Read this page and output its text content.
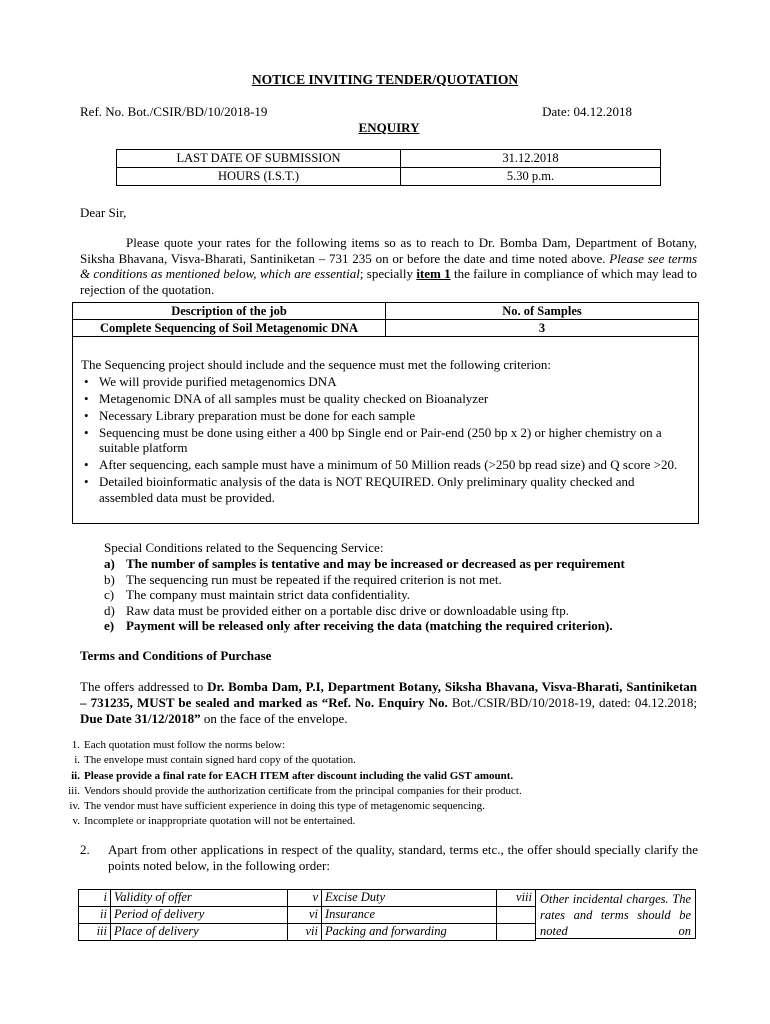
NOTICE INVITING TENDER/QUOTATION
Ref. No. Bot./CSIR/BD/10/2018-19	Date: 04.12.2018
ENQUIRY
LAST DATE OF SUBMISSION	31.12.2018
HOURS (I.S.T.)	5.30 p.m.
Dear Sir,
Please quote your rates for the following items so as to reach to Dr. Bomba Dam, Department of Botany, Siksha Bhavana, Visva-Bharati, Santiniketan – 731 235 on or before the date and time noted above. Please see terms & conditions as mentioned below, which are essential; specially item 1 the failure in compliance of which may lead to rejection of the quotation.
Description of the job	No. of Samples
Complete Sequencing of Soil Metagenomic DNA	3
The Sequencing project should include and the sequence must met the following criterion:
• We will provide purified metagenomics DNA
• Metagenomic DNA of all samples must be quality checked on Bioanalyzer
• Necessary Library preparation must be done for each sample
• Sequencing must be done using either a 400 bp Single end or Pair-end (250 bp x 2) or higher chemistry on a suitable platform
• After sequencing, each sample must have a minimum of 50 Million reads (>250 bp read size) and Q score >20.
• Detailed bioinformatic analysis of the data is NOT REQUIRED. Only preliminary quality checked and assembled data must be provided.
Special Conditions related to the Sequencing Service:
a) The number of samples is tentative and may be increased or decreased as per requirement
b) The sequencing run must be repeated if the required criterion is not met.
c) The company must maintain strict data confidentiality.
d) Raw data must be provided either on a portable disc drive or downloadable using ftp.
e) Payment will be released only after receiving the data (matching the required criterion).
Terms and Conditions of Purchase
The offers addressed to Dr. Bomba Dam, P.I, Department Botany, Siksha Bhavana, Visva-Bharati, Santiniketan – 731235, MUST be sealed and marked as “Ref. No. Enquiry No. Bot./CSIR/BD/10/2018-19, dated: 04.12.2018; Due Date 31/12/2018” on the face of the envelope.
1. Each quotation must follow the norms below:
i. The envelope must contain signed hard copy of the quotation.
ii. Please provide a final rate for EACH ITEM after discount including the valid GST amount.
iii. Vendors should provide the authorization certificate from the principal companies for their product.
iv. The vendor must have sufficient experience in doing this type of metagenomic sequencing.
v. Incomplete or inappropriate quotation will not be entertained.
2. Apart from other applications in respect of the quality, standard, terms etc., the offer should specially clarify the points noted below, in the following order:
i	Validity of offer	v	Excise Duty	viii
ii	Period of delivery	vi	Insurance	
iii	Place of delivery	vii	Packing and forwarding	
Other incidental charges. The rates and terms should be noted on
